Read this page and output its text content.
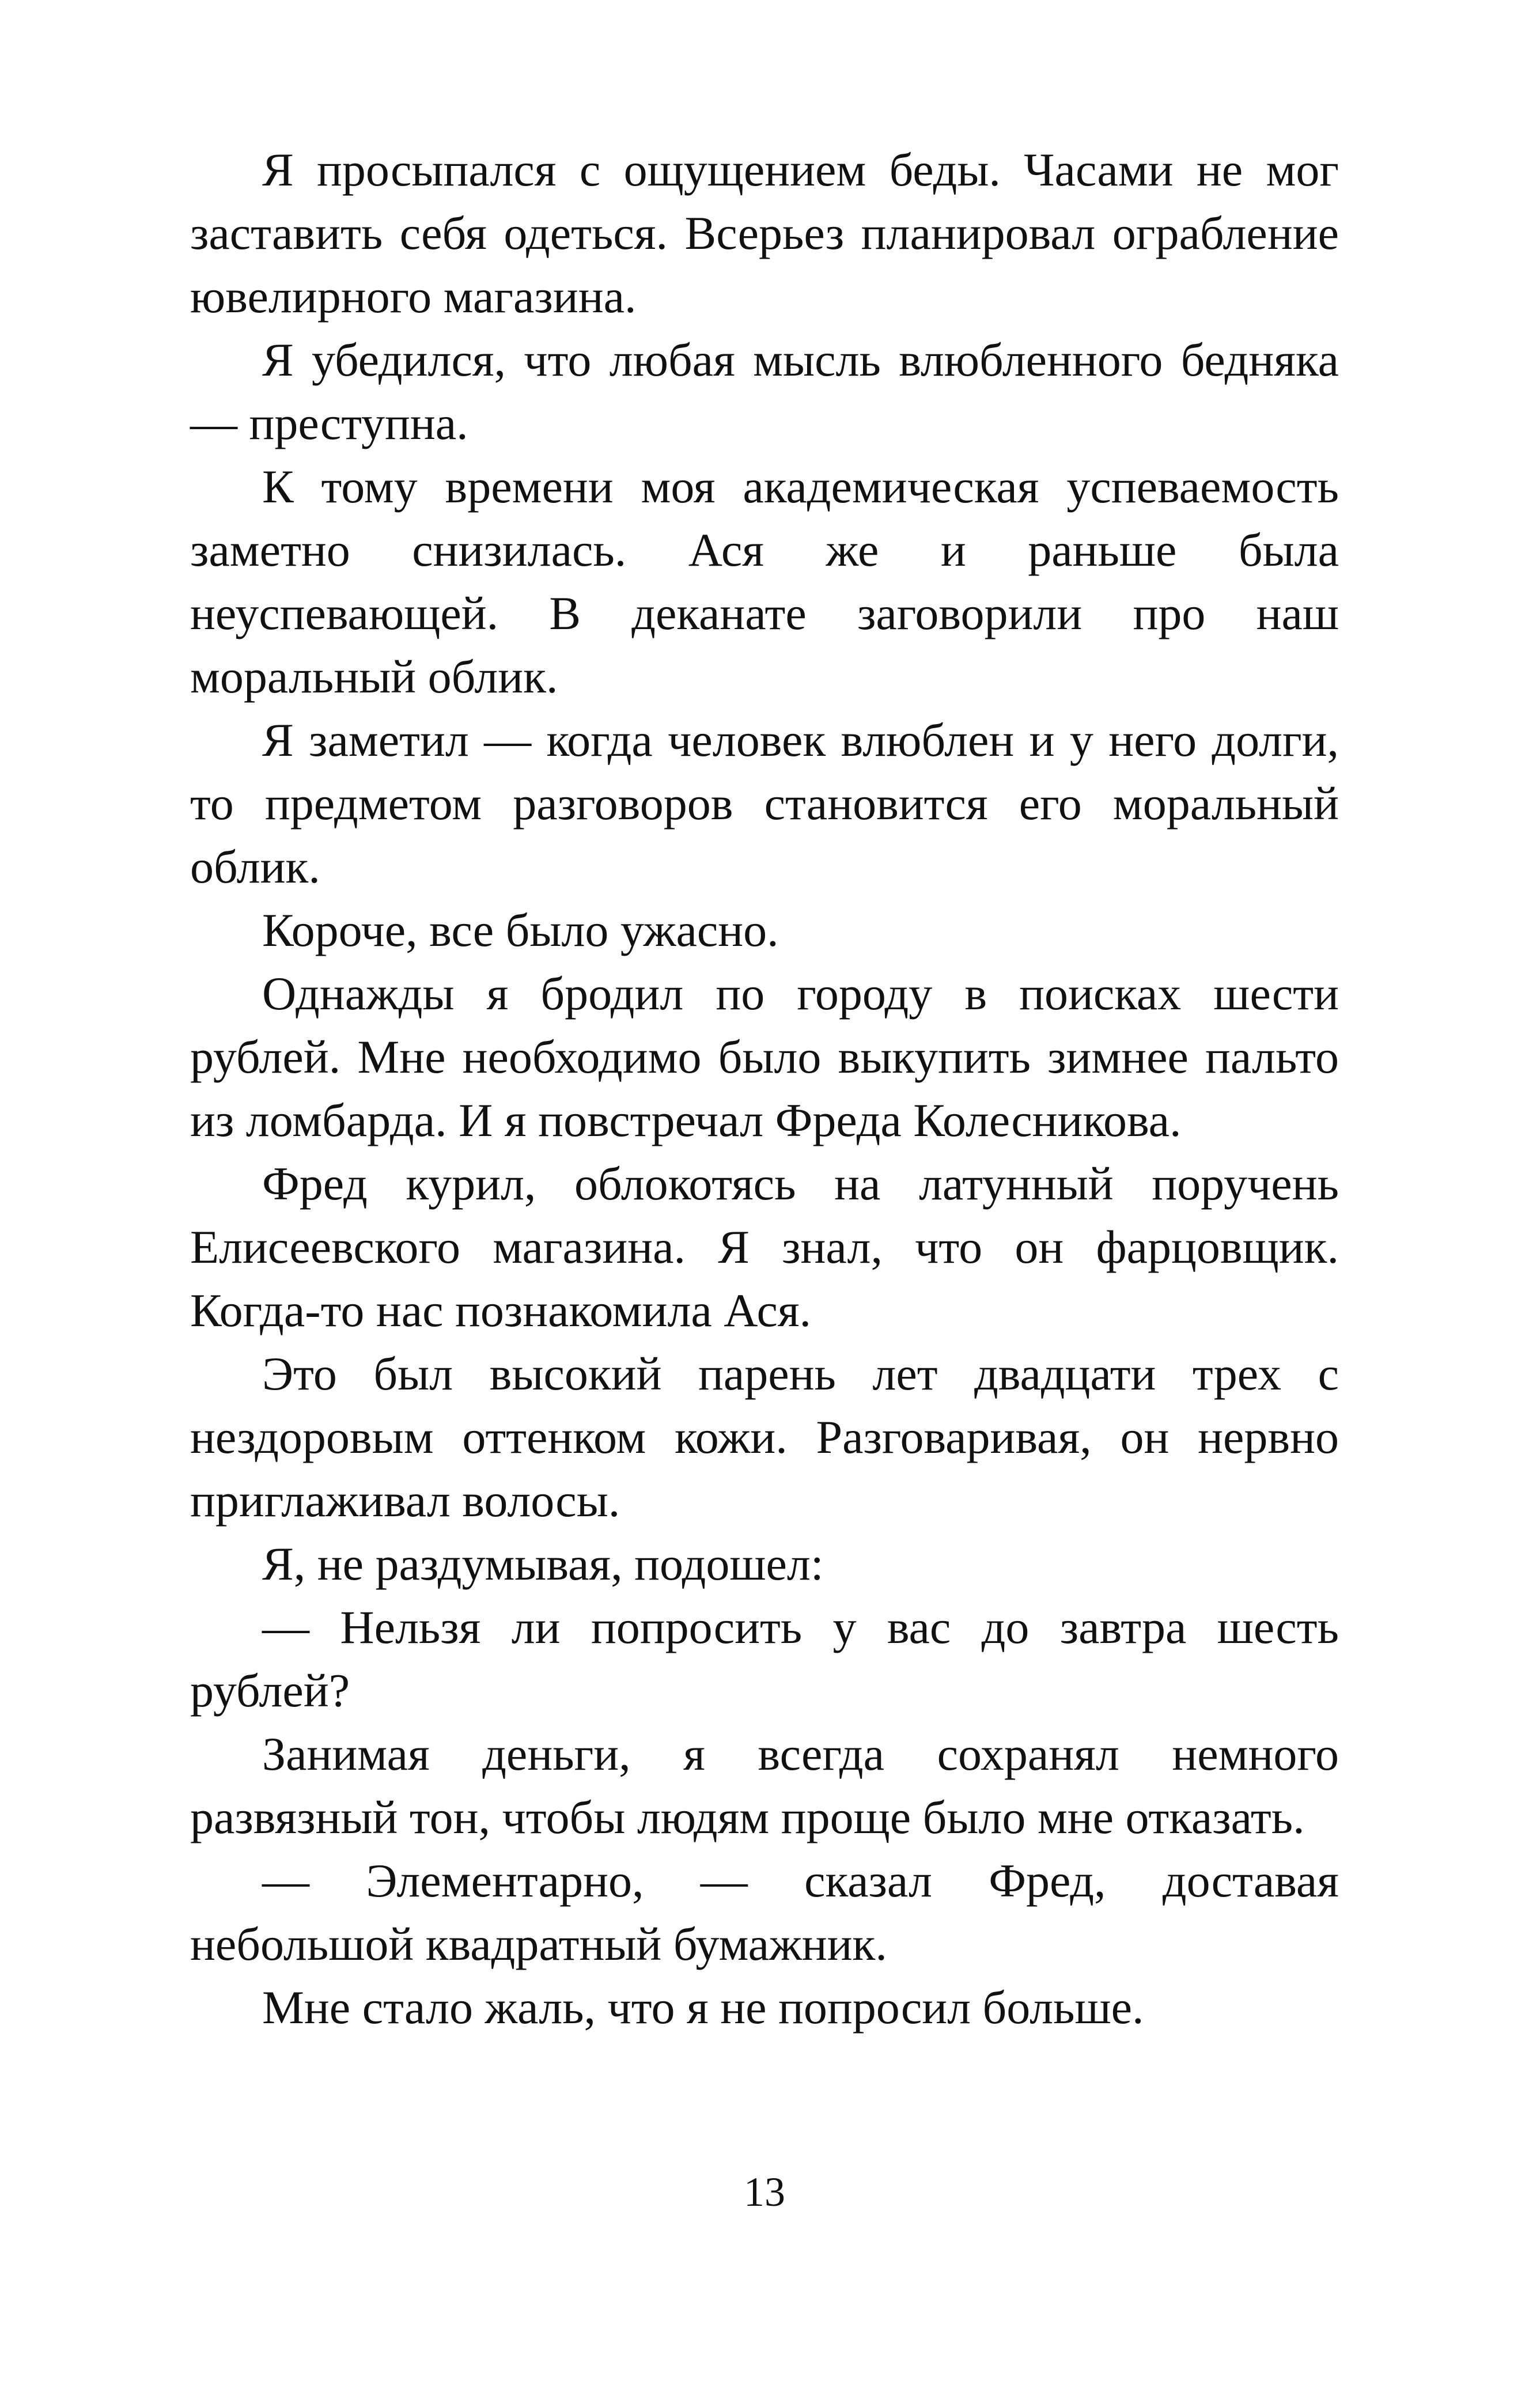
Я просыпался с ощущением беды. Часами не мог заставить себя одеться. Всерьез планировал ограбление ювелирного магазина.

Я убедился, что любая мысль влюбленного бедняка — преступна.

К тому времени моя академическая успеваемость заметно снизилась. Ася же и раньше была неуспевающей. В деканате заговорили про наш моральный облик.

Я заметил — когда человек влюблен и у него долги, то предметом разговоров становится его моральный облик.

Короче, все было ужасно.

Однажды я бродил по городу в поисках шести рублей. Мне необходимо было выкупить зимнее пальто из ломбарда. И я повстречал Фреда Колесникова.

Фред курил, облокотясь на латунный поручень Елисеевского магазина. Я знал, что он фарцовщик. Когда-то нас познакомила Ася.

Это был высокий парень лет двадцати трех с нездоровым оттенком кожи. Разговаривая, он нервно приглаживал волосы.

Я, не раздумывая, подошел:

— Нельзя ли попросить у вас до завтра шесть рублей?

Занимая деньги, я всегда сохранял немного развязный тон, чтобы людям проще было мне отказать.

— Элементарно, — сказал Фред, доставая небольшой квадратный бумажник.

Мне стало жаль, что я не попросил больше.

13
